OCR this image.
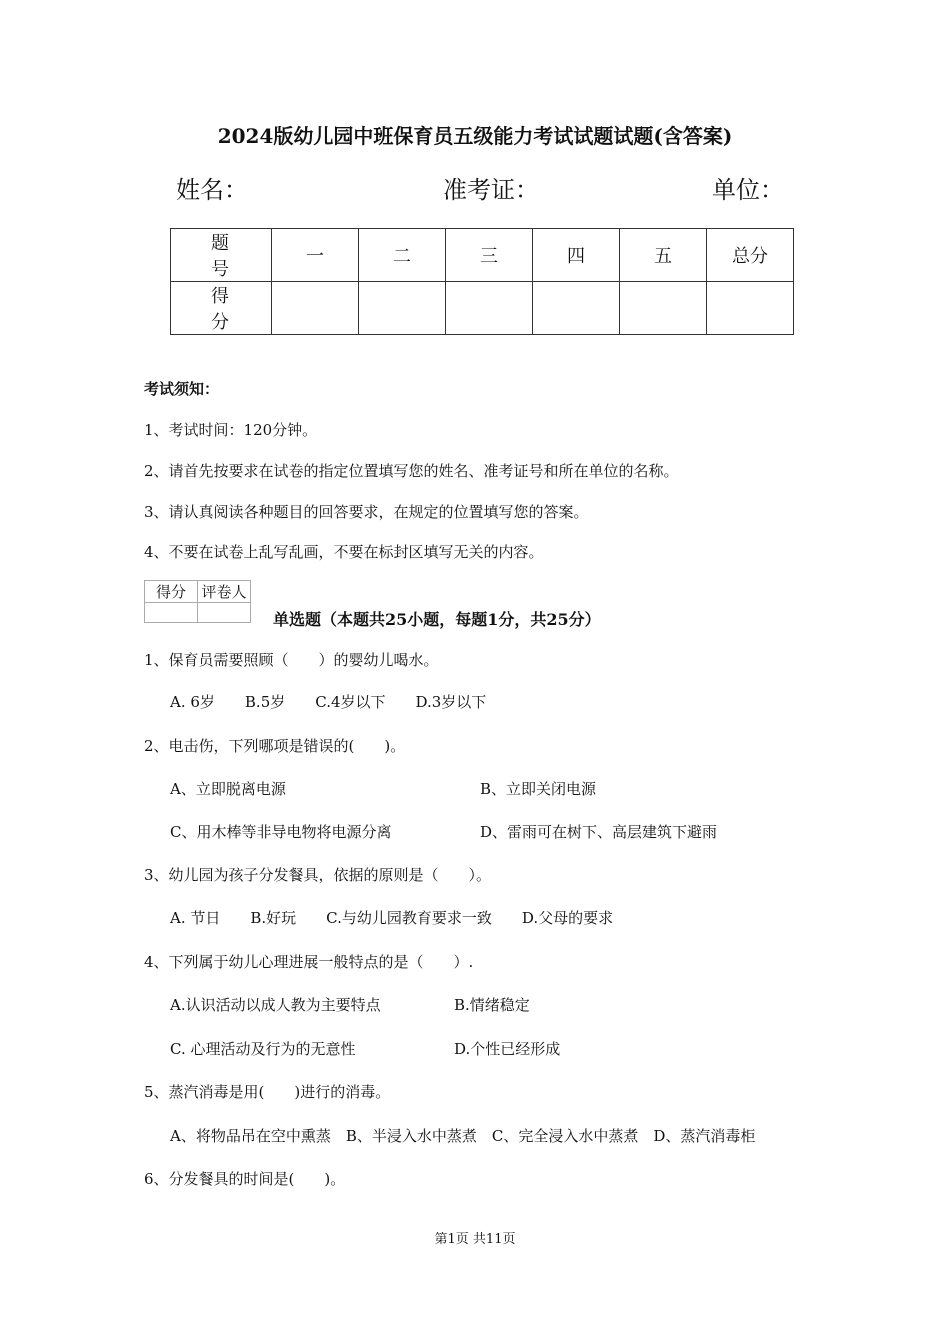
2024版幼儿园中班保育员五级能力考试试题试题(含答案)
姓名：	准考证：	单位：
题 号	一	二	三	四	五	总分
得 分						
考试须知：
1、考试时间：120分钟。
2、请首先按要求在试卷的指定位置填写您的姓名、准考证号和所在单位的名称。
3、请认真阅读各种题目的回答要求，在规定的位置填写您的答案。
4、不要在试卷上乱写乱画，不要在标封区填写无关的内容。
得分	评卷人

单选题（本题共25小题，每题1分，共25分）
1、保育员需要照顾（　　）的婴幼儿喝水。
A. 6岁　　B.5岁　　C.4岁以下　　D.3岁以下
2、电击伤，下列哪项是错误的(　　)。
A、立即脱离电源	B、立即关闭电源
C、用木棒等非导电物将电源分离	D、雷雨可在树下、高层建筑下避雨
3、幼儿园为孩子分发餐具，依据的原则是（　　）。
A. 节日　　B.好玩　　C.与幼儿园教育要求一致　　D.父母的要求
4、下列属于幼儿心理进展一般特点的是（　　）.
A.认识活动以成人教为主要特点	B.情绪稳定
C. 心理活动及行为的无意性	D.个性已经形成
5、蒸汽消毒是用(　　)进行的消毒。
A、将物品吊在空中熏蒸　B、半浸入水中蒸煮　C、完全浸入水中蒸煮　D、蒸汽消毒柜
6、分发餐具的时间是(　　)。
第1页 共11页
